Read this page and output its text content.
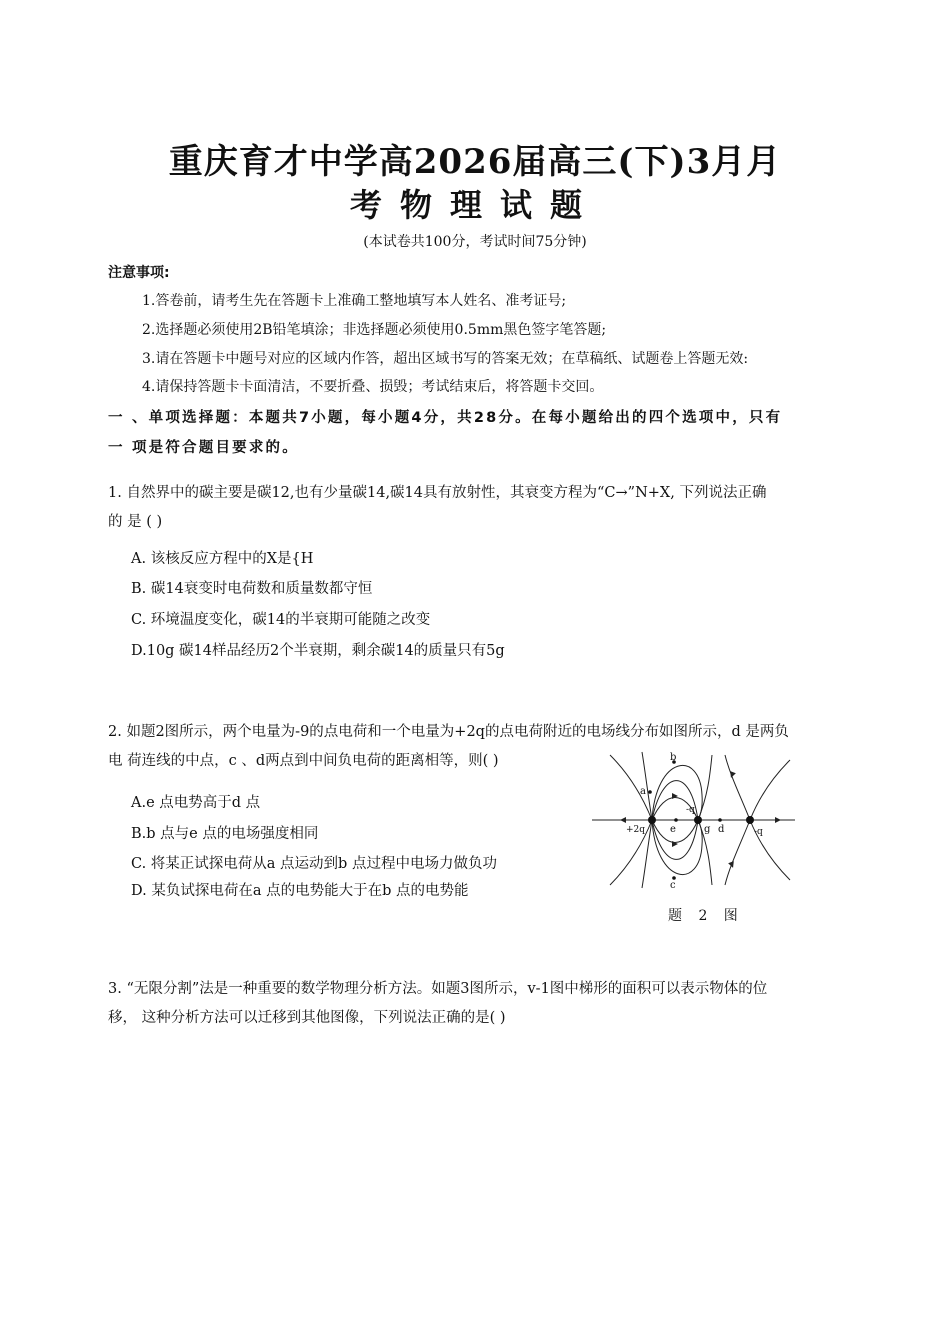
重庆育才中学高2026届高三(下)3月月
考物理试题
(本试卷共100分，考试时间75分钟)
注意事项:
1.答卷前，请考生先在答题卡上准确工整地填写本人姓名、准考证号;
2.选择题必须使用2B铅笔填涂；非选择题必须使用0.5mm黑色签字笔答题;
3.请在答题卡中题号对应的区域内作答，超出区域书写的答案无效；在草稿纸、试题卷上答题无效:
4.请保持答题卡卡面清洁，不要折叠、损毁；考试结束后，将答题卡交回。
一 、单项选择题：本题共7小题，每小题4分，共28分。在每小题给出的四个选项中，只有
一 项是符合题目要求的。
1. 自然界中的碳主要是碳12,也有少量碳14,碳14具有放射性，其衰变方程为“C→”N+X, 下列说法正确
的 是 ( )
A. 该核反应方程中的X是{H
B. 碳14衰变时电荷数和质量数都守恒
C. 环境温度变化，碳14的半衰期可能随之改变
D.10g 碳14样品经历2个半衰期，剩余碳14的质量只有5g
2. 如题2图所示，两个电量为-9的点电荷和一个电量为+2q的点电荷附近的电场线分布如图所示，d 是两负
电 荷连线的中点，c 、d两点到中间负电荷的距离相等，则( )
A.e 点电势高于d 点
B.b 点与e 点的电场强度相同
C. 将某正试探电荷从a 点运动到b 点过程中电场力做负功
D. 某负试探电荷在a 点的电势能大于在b 点的电势能
a
b
c
e	d
g
+2q
-q
-q
题 2 图
3. “无限分割”法是一种重要的数学物理分析方法。如题3图所示，v-1图中梯形的面积可以表示物体的位
移， 这种分析方法可以迁移到其他图像，下列说法正确的是( )
